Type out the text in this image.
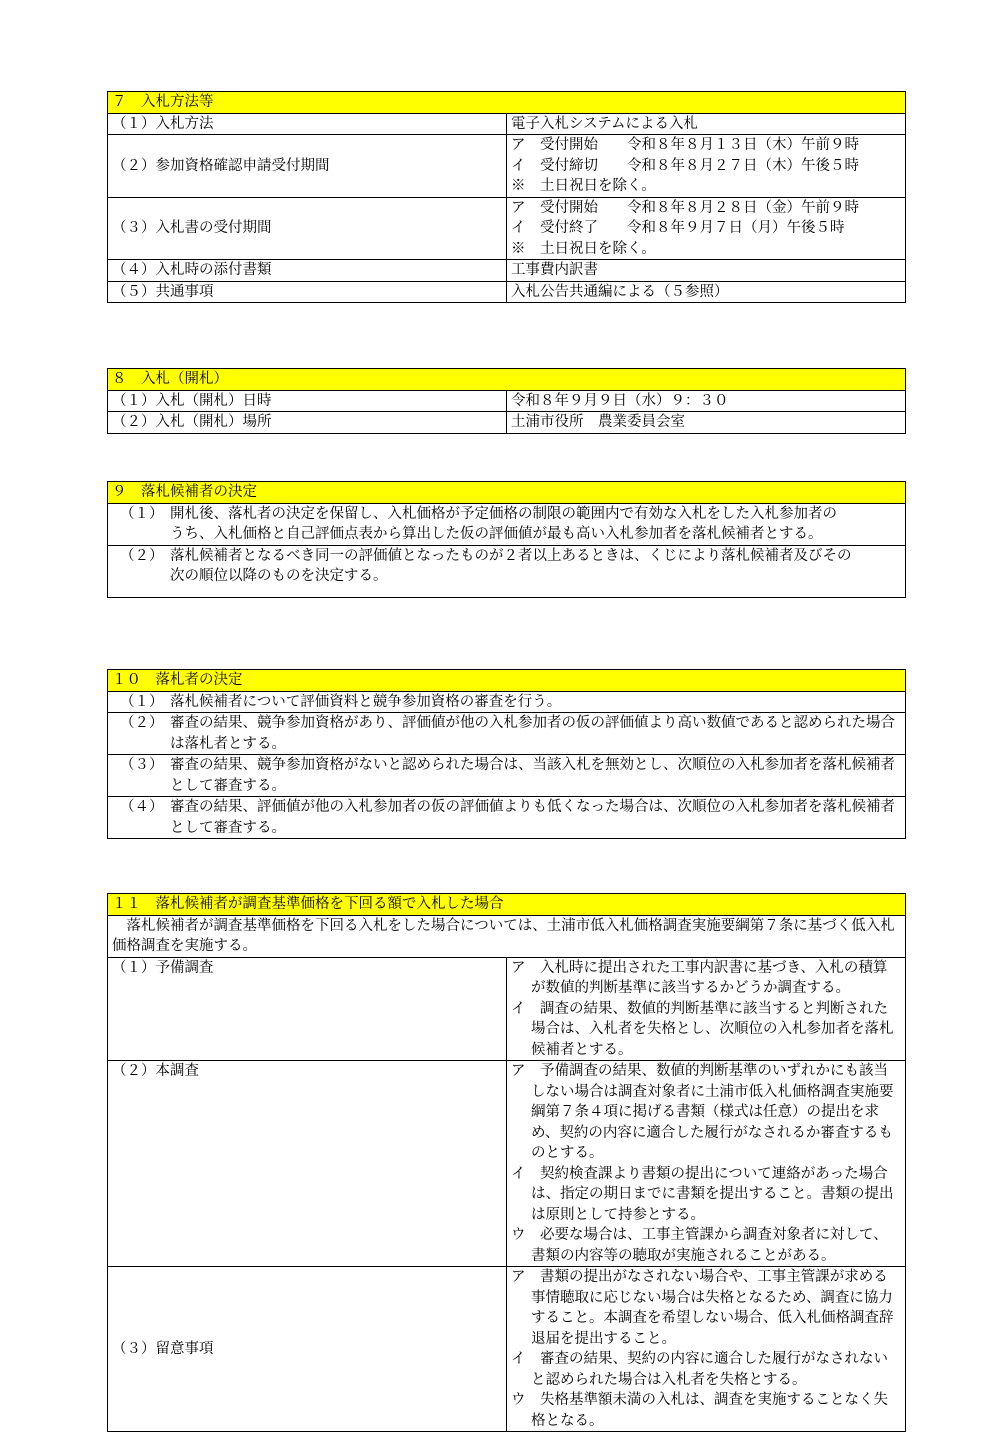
７　入札方法等	
（１）入札方法	電子入札システムによる入札

（２）参加資格確認申請受付期間	ア　受付開始　　令和８年８月１３日（木）午前９時
イ　受付締切　　令和８年８月２７日（木）午後５時
※　土日祝日を除く。

（３）入札書の受付期間	ア　受付開始　　令和８年８月２８日（金）午前９時
イ　受付終了　　令和８年９月７日（月）午後５時
※　土日祝日を除く。

（４）入札時の添付書類	工事費内訳書

（５）共通事項	入札公告共通編による（５参照）
８　入札（開札）	
（１）入札（開札）日時	令和８年９月９日（水）９：３０
（２）入札（開札）場所	土浦市役所　農業委員会室
９　落札候補者の決定

（１） 開札後、落札者の決定を保留し、入札価格が予定価格の制限の範囲内で有効な入札をした入札参加者のうち、入札価格と自己評価点表から算出した仮の評価値が最も高い入札参加者を落札候補者とする。

（２） 落札候補者となるべき同一の評価値となったものが２者以上あるときは、くじにより落札候補者及びその次の順位以降のものを決定する。
１０　落札者の決定

（１） 落札候補者について評価資料と競争参加資格の審査を行う。

（２） 審査の結果、競争参加資格があり、評価値が他の入札参加者の仮の評価値より高い数値であると認められた場合は落札者とする。

（３） 審査の結果、競争参加資格がないと認められた場合は、当該入札を無効とし、次順位の入札参加者を落札候補者として審査する。

（４） 審査の結果、評価値が他の入札参加者の仮の評価値よりも低くなった場合は、次順位の入札参加者を落札候補者として審査する。
１１　落札候補者が調査基準価格を下回る額で入札した場合	

落札候補者が調査基準価格を下回る入札をした場合については、土浦市低入札価格調査実施要綱第７条に基づく低入札価格調査を実施する。	

（１）予備調査	ア　入札時に提出された工事内訳書に基づき、入札の積算が数値的判断基準に該当するかどうか調査する。
イ　調査の結果、数値的判断基準に該当すると判断された場合は、入札者を失格とし、次順位の入札参加者を落札候補者とする。

（２）本調査	ア　予備調査の結果、数値的判断基準のいずれかにも該当しない場合は調査対象者に土浦市低入札価格調査実施要綱第７条４項に掲げる書類（様式は任意）の提出を求め、契約の内容に適合した履行がなされるか審査するものとする。
イ　契約検査課より書類の提出について連絡があった場合は、指定の期日までに書類を提出すること。書類の提出は原則として持参とする。
ウ　必要な場合は、工事主管課から調査対象者に対して、書類の内容等の聴取が実施されることがある。

（３）留意事項	ア　書類の提出がなされない場合や、工事主管課が求める事情聴取に応じない場合は失格となるため、調査に協力すること。本調査を希望しない場合、低入札価格調査辞退届を提出すること。
イ　審査の結果、契約の内容に適合した履行がなされないと認められた場合は入札者を失格とする。
ウ　失格基準額未満の入札は、調査を実施することなく失格となる。
